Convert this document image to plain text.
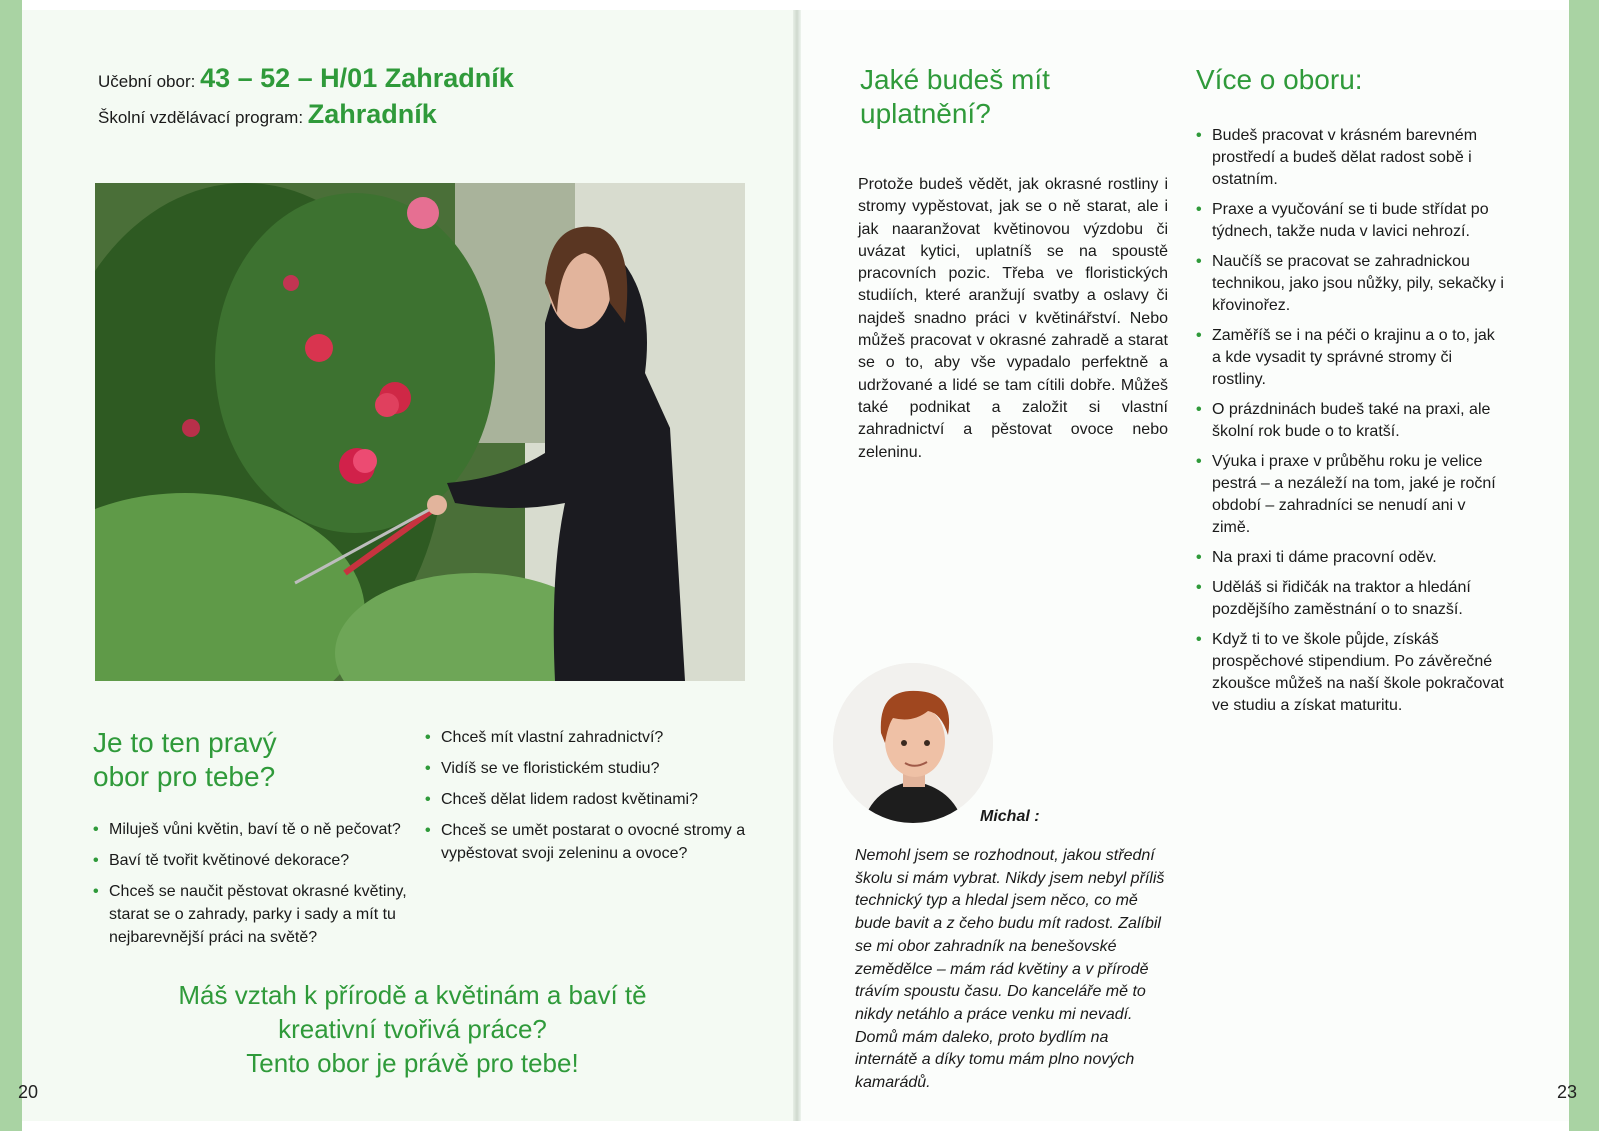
Učební obor: 43 – 52 – H/01 Zahradník
Školní vzdělávací program: Zahradník
Je to ten pravý
obor pro tebe?
• Miluješ vůni květin, baví tě o ně pečovat?
• Baví tě tvořit květinové dekorace?
• Chceš se naučit pěstovat okrasné květiny, starat se o zahrady, parky i sady a mít tu nejbarevnější práci na světě?
• Chceš mít vlastní zahradnictví?
• Vidíš se ve floristickém studiu?
• Chceš dělat lidem radost květinami?
• Chceš se umět postarat o ovocné stromy a vypěstovat svoji zeleninu a ovoce?
Máš vztah k přírodě a květinám a baví tě
kreativní tvořivá práce?
Tento obor je právě pro tebe!
20
Jaké budeš mít
uplatnění?

Protože budeš vědět, jak okrasné rostliny i stromy vypěstovat, jak se o ně starat, ale i jak naaranžovat květinovou výzdobu či uvázat kytici, uplatníš se na spoustě pracovních pozic. Třeba ve floristických studiích, které aranžují svatby a oslavy či najdeš snadno práci v květinářství. Nebo můžeš pracovat v okrasné zahradě a starat se o to, aby vše vypadalo perfektně a udržované a lidé se tam cítili dobře. Můžeš také podnikat a založit si vlastní zahradnictví a pěstovat ovoce nebo zeleninu.

Více o oboru:
• Budeš pracovat v krásném barevném prostředí a budeš dělat radost sobě i ostatním.
• Praxe a vyučování se ti bude střídat po týdnech, takže nuda v lavici nehrozí.
• Naučíš se pracovat se zahradnickou technikou, jako jsou nůžky, pily, sekačky i křovinořez.
• Zaměříš se i na péči o krajinu a o to, jak a kde vysadit ty správné stromy či rostliny.
• O prázdninách budeš také na praxi, ale školní rok bude o to kratší.
• Výuka i praxe v průběhu roku je velice pestrá – a nezáleží na tom, jaké je roční období – zahradníci se nenudí ani v zimě.
• Na praxi ti dáme pracovní oděv.
• Uděláš si řidičák na traktor a hledání pozdějšího zaměstnání o to snazší.
• Když ti to ve škole půjde, získáš prospěchové stipendium. Po závěrečné zkoušce můžeš na naší škole pokračovat ve studiu a získat maturitu.
Michal :

Nemohl jsem se rozhodnout, jakou střední školu si mám vybrat. Nikdy jsem nebyl příliš technický typ a hledal jsem něco, co mě bude bavit a z čeho budu mít radost. Zalíbil se mi obor zahradník na benešovské zemědělce – mám rád květiny a v přírodě trávím spoustu času. Do kanceláře mě to nikdy netáhlo a práce venku mi nevadí. Domů mám daleko, proto bydlím na internátě a díky tomu mám plno nových kamarádů.	23
